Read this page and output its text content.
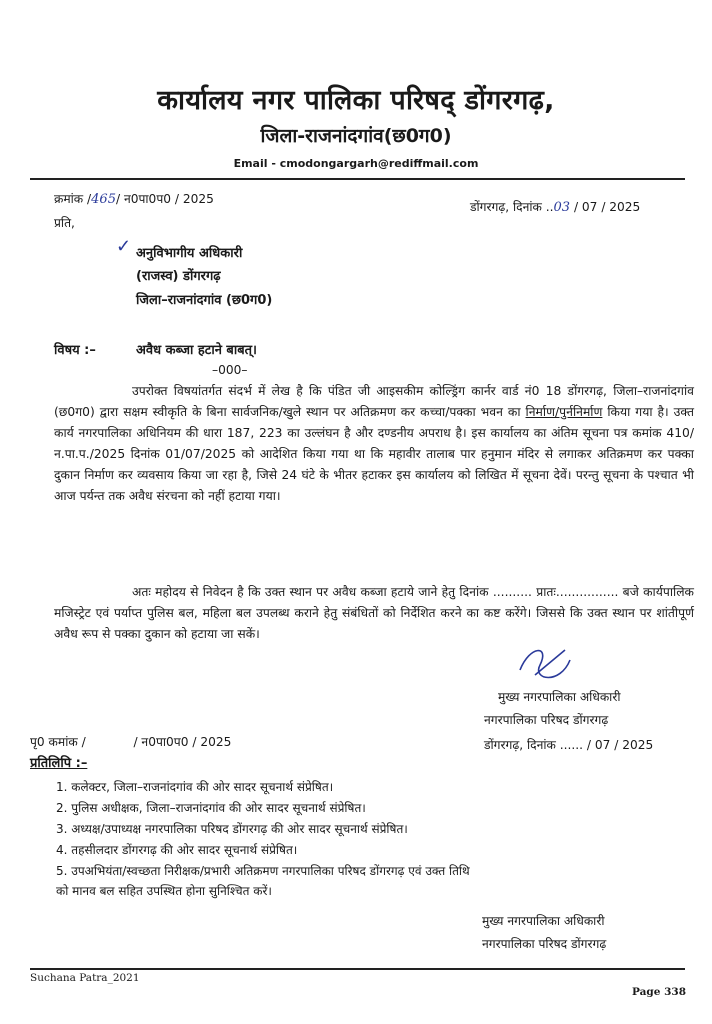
कार्यालय नगर पालिका परिषद् डोंगरगढ़,
जिला-राजनांदगांव(छ0ग0)
Email - cmodongargarh@rediffmail.com
क्रमांक /465/ न0पा0प0 / 2025
डोंगरगढ़, दिनांक ..03 / 07 / 2025
प्रति,
✓ अनुविभागीय अधिकारी
(राजस्व) डोंगरगढ़
जिला–राजनांदगांव (छ0ग0)
विषय :–	अवैध कब्जा हटाने बाबत्।
–000–
उपरोक्त विषयांतर्गत संदर्भ में लेख है कि पंडित जी आइसकीम कोल्ड्रिंग कार्नर वार्ड नं0 18 डोंगरगढ़, जिला–राजनांदगांव (छ0ग0) द्वारा सक्षम स्वीकृति के बिना सार्वजनिक/खुले स्थान पर अतिक्रमण कर कच्चा/पक्का भवन का निर्माण/पुर्ननिर्माण किया गया है। उक्त कार्य नगरपालिका अधिनियम की धारा 187, 223 का उल्लंघन है और दण्डनीय अपराध है। इस कार्यालय का अंतिम सूचना पत्र कमांक 410/न.पा.प./2025 दिनांक 01/07/2025 को आदेशित किया गया था कि महावीर तालाब पार हनुमान मंदिर से लगाकर अतिक्रमण कर पक्का दुकान निर्माण कर व्यवसाय किया जा रहा है, जिसे 24 घंटे के भीतर हटाकर इस कार्यालय को लिखित में सूचना देवें। परन्तु सूचना के पश्चात भी आज पर्यन्त तक अवैध संरचना को नहीं हटाया गया।
अतः महोदय से निवेदन है कि उक्त स्थान पर अवैध कब्जा हटाये जाने हेतु दिनांक .......... प्रातः................ बजे कार्यपालिक मजिस्ट्रेट एवं पर्याप्त पुलिस बल, महिला बल उपलब्ध कराने हेतु संबंधितों को निर्देशित करने का कष्ट करेंगे। जिससे कि उक्त स्थान पर शांतीपूर्ण अवैध रूप से पक्का दुकान को हटाया जा सकें।
मुख्य नगरपालिका अधिकारी
नगरपालिका परिषद डोंगरगढ़
पृ0 कमांक /	/ न0पा0प0 / 2025	डोंगरगढ़, दिनांक ...... / 07 / 2025
प्रतिलिपि :–
1. कलेक्टर, जिला–राजनांदगांव की ओर सादर सूचनार्थ संप्रेषित।
2. पुलिस अधीक्षक, जिला–राजनांदगांव की ओर सादर सूचनार्थ संप्रेषित।
3. अध्यक्ष/उपाध्यक्ष नगरपालिका परिषद डोंगरगढ़ की ओर सादर सूचनार्थ संप्रेषित।
4. तहसीलदार डोंगरगढ़ की ओर सादर सूचनार्थ संप्रेषित।
5. उपअभियंता/स्वच्छता निरीक्षक/प्रभारी अतिक्रमण नगरपालिका परिषद डोंगरगढ़ एवं उक्त तिथि
को मानव बल सहित उपस्थित होना सुनिश्चित करें।
मुख्य नगरपालिका अधिकारी
नगरपालिका परिषद डोंगरगढ़
Suchana Patra_2021
Page 338
